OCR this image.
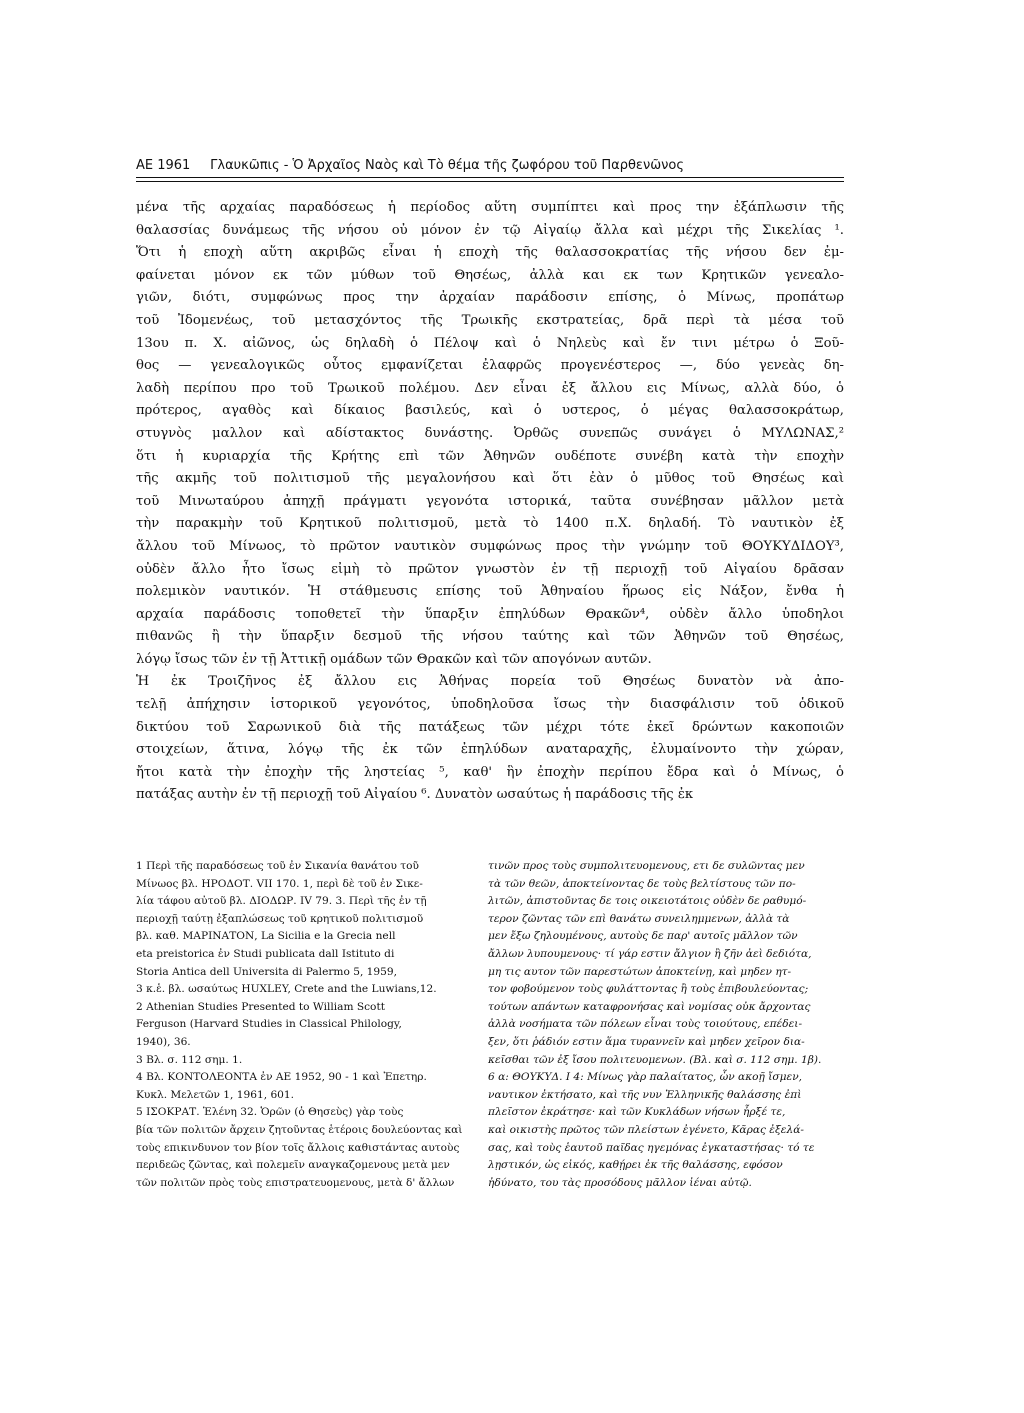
ΑΕ 1961 Γλαυκῶπις - Ὁ Ἀρχαῖος Ναὸς καὶ Τὸ θέμα τῆς ζωφόρου τοῦ Παρθενῶνος
μένα τῆς αρχαίας παραδόσεως ἡ περίοδος αὕτη συμπίπτει καὶ προς την ἐξάπλωσιν τῆς
θαλασσίας δυνάμεως τῆς νήσου οὐ μόνον ἐν τῷ Αἰγαίῳ ἄλλα καὶ μέχρι τῆς Σικελίας ¹.
Ὅτι ἡ εποχὴ αὕτη ακριβῶς εἶναι ἡ εποχὴ τῆς θαλασσοκρατίας τῆς νήσου δεν ἐμ-
φαίνεται μόνον εκ τῶν μύθων τοῦ Θησέως, ἀλλὰ και εκ των Κρητικῶν γενεαλο-
γιῶν, διότι, συμφώνως προς την ἀρχαίαν παράδοσιν επίσης, ὁ Μίνως, προπάτωρ
τοῦ Ἰδομενέως, τοῦ μετασχόντος τῆς Τρωικῆς εκστρατείας, δρᾶ περὶ τὰ μέσα τοῦ
13ου π. Χ. αἰῶνος, ὡς δηλαδὴ ὁ Πέλοψ καὶ ὁ Νηλεὺς καὶ ἔν τινι μέτρω ὁ Ξοῦ-
θος — γενεαλογικῶς οὗτος εμφανίζεται ἐλαφρῶς προγενέστερος —, δύο γενεὰς δη-
λαδὴ περίπου προ τοῦ Τρωικοῦ πολέμου. Δεν εἶναι ἐξ ἄλλου εις Μίνως, αλλὰ δύο, ὁ
πρότερος, αγαθὸς καὶ δίκαιος βασιλεύς, καὶ ὁ υστερος, ὁ μέγας θαλασσοκράτωρ,
στυγνὸς μαλλον καὶ αδίστακτος δυνάστης. Ὀρθῶς συνεπῶς συνάγει ὁ ΜΥΛΩΝΑΣ,²
ὅτι ἡ κυριαρχία τῆς Κρήτης επὶ τῶν Ἀθηνῶν ουδέποτε συνέβη κατὰ τὴν εποχὴν
τῆς ακμῆς τοῦ πολιτισμοῦ τῆς μεγαλονήσου καὶ ὅτι ἐὰν ὁ μῦθος τοῦ Θησέως καὶ
τοῦ Μινωταύρου ἀπηχῇ πράγματι γεγονότα ιστορικά, ταῦτα συνέβησαν μᾶλλον μετὰ
τὴν παρακμὴν τοῦ Κρητικοῦ πολιτισμοῦ, μετὰ τὸ 1400 π.Χ. δηλαδή. Τὸ ναυτικὸν ἐξ
ἄλλου τοῦ Μίνωος, τὸ πρῶτον ναυτικὸν συμφώνως προς τὴν γνώμην τοῦ ΘΟΥΚΥΔΙΔΟΥ³,
οὐδὲν ἄλλο ἦτο ἴσως εἰμὴ τὸ πρῶτον γνωστὸν ἐν τῇ περιοχῇ τοῦ Αἰγαίου δρᾶσαν
πολεμικὸν ναυτικόν. Ἡ στάθμευσις επίσης τοῦ Ἀθηναίου ἥρωος εἰς Νάξον, ἔνθα ἡ
αρχαία παράδοσις τοποθετεῖ τὴν ὕπαρξιν ἐπηλύδων Θρακῶν⁴, οὐδὲν ἄλλο ὑποδηλοι
πιθανῶς ἢ τὴν ὕπαρξιν δεσμοῦ τῆς νήσου ταύτης καὶ τῶν Ἀθηνῶν τοῦ Θησέως,
λόγῳ ἴσως τῶν ἐν τῇ Ἀττικῇ ομάδων τῶν Θρακῶν καὶ τῶν απογόνων αυτῶν.
Ἡ ἐκ Τροιζῆνος ἐξ ἄλλου εις Ἀθήνας πορεία τοῦ Θησέως δυνατὸν νὰ ἀπο-
τελῇ ἀπήχησιν ἱστορικοῦ γεγονότος, ὑποδηλοῦσα ἴσως τὴν διασφάλισιν τοῦ ὁδικοῦ
δικτύου τοῦ Σαρωνικοῦ διὰ τῆς πατάξεως τῶν μέχρι τότε ἐκεῖ δρώντων κακοποιῶν
στοιχείων, ἅτινα, λόγῳ τῆς ἐκ τῶν ἐπηλύδων αναταραχῆς, ἐλυμαίνοντο τὴν χώραν,
ἤτοι κατὰ τὴν ἐποχὴν τῆς ληστείας ⁵, καθ' ἣν ἐποχὴν περίπου ἔδρα καὶ ὁ Μίνως, ὁ
πατάξας αυτὴν ἐν τῇ περιοχῇ τοῦ Αἰγαίου ⁶. Δυνατὸν ωσαύτως ἡ παράδοσις τῆς ἐκ
1 Περὶ τῆς παραδόσεως τοῦ ἐν Σικανία θανάτου τοῦ
Μίνωος βλ. ΗΡΟΔΟΤ. VII 170. 1, περὶ δὲ τοῦ ἐν Σικε-
λία τάφου αὐτοῦ βλ. ΔΙΟΔΩΡ. IV 79. 3. Περὶ τῆς ἐν τῇ
περιοχῇ ταύτῃ ἐξαπλώσεως τοῦ κρητικοῦ πολιτισμοῦ
βλ. καθ. ΜΑΡΙΝΑΤΟΝ, La Sicilia e la Grecia nell
eta preistorica ἐν Studi publicata dall Istituto di
Storia Antica dell Universita di Palermo 5, 1959,
3 κ.ἑ. βλ. ωσαύτως HUXLEY, Crete and the Luwians,12.
2 Athenian Studies Presented to William Scott
Ferguson (Harvard Studies in Classical Philology,
1940), 36.
3 Βλ. σ. 112 σημ. 1.
4 Βλ. ΚΟΝΤΟΛΕΟΝΤΑ ἐν ΑΕ 1952, 90 - 1 καὶ Ἐπετηρ.
Κυκλ. Μελετῶν 1, 1961, 601.
5 ΙΣΟΚΡΑΤ. Ἑλένη 32. Ὁρῶν (ὁ Θησεὺς) γὰρ τοὺς
βία τῶν πολιτῶν ἄρχειν ζητοῦντας ἑτέροις δουλεύοντας καὶ
τοὺς επικινδυνον τον βίον τοῖς ἄλλοις καθιστάντας αυτοὺς
περιδεῶς ζῶντας, καὶ πολεμεῖν αναγκαζομενους μετὰ μεν
τῶν πολιτῶν πρὸς τοὺς επιστρατευομενους, μετὰ δ' ἄλλων

τινῶν προς τοὺς συμπολιτευομενους, ετι δε συλῶντας μεν
τὰ τῶν θεῶν, ἀποκτείνοντας δε τοὺς βελτίστους τῶν πο-
λιτῶν, ἀπιστοῦντας δε τοις οικειοτάτοις οὐδὲν δε ραθυμό-
τερον ζῶντας τῶν επὶ θανάτω συνειλημμενων, ἀλλὰ τὰ
μεν ἔξω ζηλουμένους, αυτοὺς δε παρ' αυτοῖς μᾶλλον τῶν
ἄλλων λυπουμενους· τί γάρ εστιν ἄλγιον ἢ ζῆν ἀεὶ δεδιότα,
μη τις αυτον τῶν παρεστώτων ἀποκτείνῃ, καὶ μηδεν ητ-
τον φοβούμενον τοὺς φυλάττοντας ἢ τοὺς ἐπιβουλεύοντας;
τούτων απάντων καταφρονήσας καὶ νομίσας οὐκ ἄρχοντας
ἀλλὰ νοσήματα τῶν πόλεων εἶναι τοὺς τοιούτους, επέδει-
ξεν, ὅτι ῥάδιόν εστιν ἅμα τυραννεῖν καὶ μηδεν χεῖρον δια-
κεῖσθαι τῶν ἐξ ἴσου πολιτευομενων. (Βλ. καὶ σ. 112 σημ. 1β).
6 α: ΘΟΥΚΥΔ. Ι 4: Μίνως γὰρ παλαίτατος, ὧν ακοῇ ἴσμεν,
ναυτικον ἐκτήσατο, καὶ τῆς νυν Ἑλληνικῆς θαλάσσης ἐπὶ
πλεῖστον ἐκράτησε· καὶ τῶν Κυκλάδων νήσων ἦρξέ τε,
καὶ οικιστὴς πρῶτος τῶν πλείστων ἐγένετο, Κᾶρας ἐξελά-
σας, καὶ τοὺς ἑαυτοῦ παῖδας ηγεμόνας ἐγκαταστήσας· τό τε
λῃστικόν, ὡς εἰκός, καθῄρει ἐκ τῆς θαλάσσης, εφόσον
ἠδύνατο, του τὰς προσόδους μᾶλλον ἰέναι αὐτῷ.
